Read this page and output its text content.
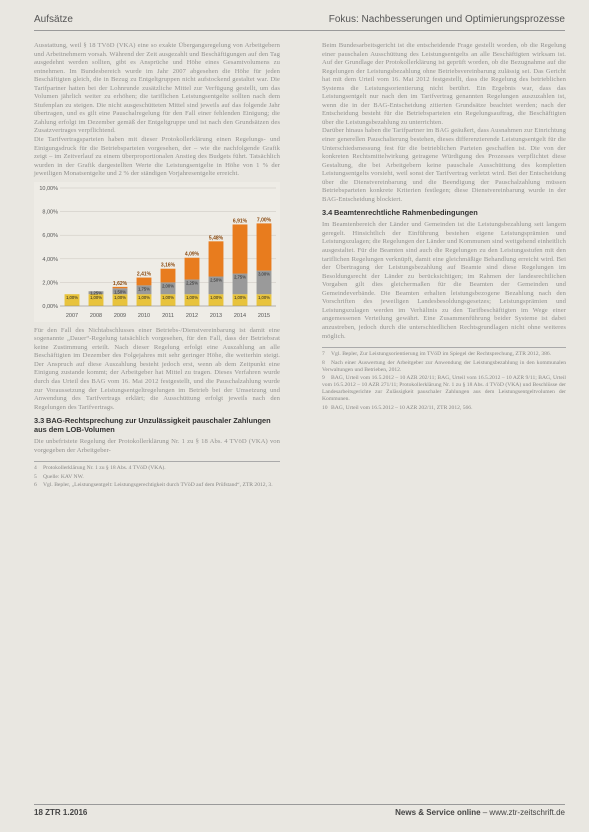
Aufsätze	Fokus: Nachbesserungen und Optimierungsprozesse

Ausstattung, weil § 18 TVöD (VKA) eine so exakte Übergangsregelung von Arbeitgebern und Arbeitnehmern vorsah. Während der Zeit ausgezahlt und Beschäftigungen auf den Tag ausgedehnt werden sollten, gibt es Ansprüche und Höhe eines Gesamtvolumens zu entnehmen. Im Bundesbereich wurde im Jahr 2007 abgesehen die Höhe für jeden Beschäftigten gleich, die in Bezug zu Entgeltgruppen nicht aufstockend gestaltet war. Die Tarifpartner hatten bei der Lohnrunde zusätzliche Mittel zur Verfügung gestellt, um das Volumen jährlich weiter zu erhöhen; die tariflichen Leistungsentgelte sollten nach dem Stufenplan zu steigen. Die nicht ausgeschütteten Mittel sind jeweils auf das folgende Jahr übertragen, und es gilt eine Pauschalregelung für den Fall einer fehlenden Einigung; die Zahlung erfolgt im Dezember gemäß der Entgeltgruppe und ist nach den Grundsätzen des Zusatzvertrages verpflichtend.

Die Tarifvertragsparteien haben mit dieser Protokollerklärung einen Regelungs- und Einigungsdruck für die Betriebsparteien vorgesehen, der – wie die nachfolgende Grafik zeigt – im Zeitverlauf zu einem überproportionalen Anstieg des Budgets führt. Tatsächlich wurden in der Grafik dargestellten Werte die Leistungsentgelte in Höhe von 1 % der jeweiligen Monatsentgelte und 2 % der ständigen Vorjahresentgelte erreicht.

0,00%
2,00%
4,00%
6,00%
8,00%
10,00%
1,00%
2007
1,00%
1,25%
2008
1,00%
1,50%
1,62%
2009
1,00%
1,75%
2,41%
2010
1,00%
2,00%
3,16%
2011
1,00%
2,25%
4,09%
2012
1,00%
2,50%
5,48%
2013
1,00%
2,75%
6,91%
2014
1,00%
3,00%
7,00%
2015

Für den Fall des Nichtabschlusses einer Betriebs-/Dienstvereinbarung ist damit eine sogenannte „Dauer“-Regelung tatsächlich vorgesehen, für den Fall, dass der Betriebsrat keine Zustimmung erteilt. Nach dieser Regelung erfolgt eine Auszahlung an alle Beschäftigten im Dezember des Folgejahres mit sehr geringer Höhe, die weiterhin steigt. Der Anspruch auf diese Auszahlung besteht jedoch erst, wenn ab dem Zeitpunkt eine Einigung zustande kommt; der Arbeitgeber hat Mittel zu tragen. Dieses Verfahren wurde durch das Urteil des BAG vom 16. Mai 2012 festgestellt, und die Pauschalzahlung wurde zur Voraussetzung der Leistungsentgeltregelungen im Betrieb bei der Umsetzung und Anwendung des Tarifvertrags erklärt; die Ausschüttung erfolgt jeweils nach den Regelungen des Tarifvertrags.

3.3 BAG-Rechtsprechung zur Unzulässigkeit pauschaler Zahlungen aus dem LOB-Volumen

Die unbefristete Regelung der Protokollerklärung Nr. 1 zu § 18 Abs. 4 TVöD (VKA) von vorgegeben der Arbeitgeber-

4 Protokollerklärung Nr. 1 zu § 18 Abs. 4 TVöD (VKA).

5 Quelle: KAV NW.

6 Vgl. Bepler, „Leistungsentgelt: Leistungsgerechtigkeit durch TVöD auf dem Prüfstand“, ZTR 2012, 3.

Beim Bundesarbeitsgericht ist die entscheidende Frage gestellt worden, ob die Regelung einer pauschalen Ausschüttung des Leistungsentgelts an alle Beschäftigten wirksam ist. Auf der Grundlage der Protokollerklärung ist geprüft worden, ob die Bezugnahme auf die Regelungen der Leistungsbezahlung ohne Betriebsvereinbarung zulässig sei. Das Gericht hat mit dem Urteil vom 16. Mai 2012 festgestellt, dass die Regelung des betrieblichen Systems die Leistungsorientierung nicht berührt. Ein Ergebnis war, dass das Leistungsentgelt nur nach den im Tarifvertrag genannten Regelungen auszuzahlen ist, wenn die in der BAG-Entscheidung zitierten Grundsätze beachtet werden; nach der Entscheidung besteht für die Betriebsparteien ein Regelungsauftrag, die Beschäftigten über die Leistungsbezahlung zu unterrichten.

Darüber hinaus haben die Tarifpartner im BAG geäußert, dass Ausnahmen zur Einrichtung einer generellen Pauschalierung bestehen, dieses differenzierende Leistungsentgelt für die Unterschiedsmessung fest für die betrieblichen Parteien geschaffen ist. Die von der konkreten Rechtsmittelwirkung getragene Würdigung des Prozesses verpflichtet diese Gestaltung, die bei Arbeitgebern keine pauschale Ausschüttung des kompletten Leistungsentgelts vorsieht, weil sonst der Tarifvertrag verletzt wird. Bei der Entscheidung über die Dienstvereinbarung und die Beendigung der Pauschalzahlung müssen Betriebsparteien konkrete Kriterien festlegen; diese Dienstvereinbarung wurde in der BAG-Entscheidung blockiert.

3.4 Beamtenrechtliche Rahmenbedingungen

Im Beamtenbereich der Länder und Gemeinden ist die Leistungsbezahlung seit langem geregelt. Hinsichtlich der Einführung bestehen eigene Leistungsprämien und Leistungszulagen; die Regelungen der Länder und Kommunen sind weitgehend einheitlich ausgestaltet. Für die Beamten sind auch die Regelungen zu den Leistungsstufen mit den tariflichen Regelungen verknüpft, damit eine gleichmäßige Behandlung erreicht wird. Bei der Übertragung der Leistungsbezahlung auf Beamte sind diese Regelungen im Besoldungsrecht der Länder zu berücksichtigen; im Rahmen der landesrechtlichen Vorgaben gilt dies gleichermaßen für die Beamten der Gemeinden und Gemeindeverbände. Die Beamten erhalten leistungsbezogene Bezahlung nach den Vorschriften des jeweiligen Landesbesoldungsgesetzes; Leistungsprämien und Leistungszulagen werden im Verhältnis zu den Tarifbeschäftigten im Wege einer angemessenen Verteilung gewährt. Eine Zusammenführung beider Systeme ist dabei anzustreben, jedoch durch die unterschiedlichen Rechtsgrundlagen nicht ohne weiteres möglich.

7 Vgl. Bepler, Zur Leistungsorientierung im TVöD im Spiegel der Rechtsprechung, ZTR 2012, 386.

8 Nach einer Auswertung der Arbeitgeber zur Anwendung der Leistungsbezahlung in den kommunalen Verwaltungen und Betrieben, 2012.

9 BAG, Urteil vom 16.5.2012 – 10 AZR 202/11; BAG, Urteil vom 16.5.2012 – 10 AZR 9/11; BAG, Urteil vom 16.5.2012 – 10 AZR 271/11; Protokollerklärung Nr. 1 zu § 18 Abs. 4 TVöD (VKA) und Beschlüsse der Landesarbeitsgerichte zur Zulässigkeit pauschaler Zahlungen aus dem Leistungsentgeltvolumen der Kommunen.

10 BAG, Urteil vom 16.5.2012 – 10 AZR 202/11, ZTR 2012, 566.

18 ZTR 1.2016	News & Service online – www.ztr-zeitschrift.de
